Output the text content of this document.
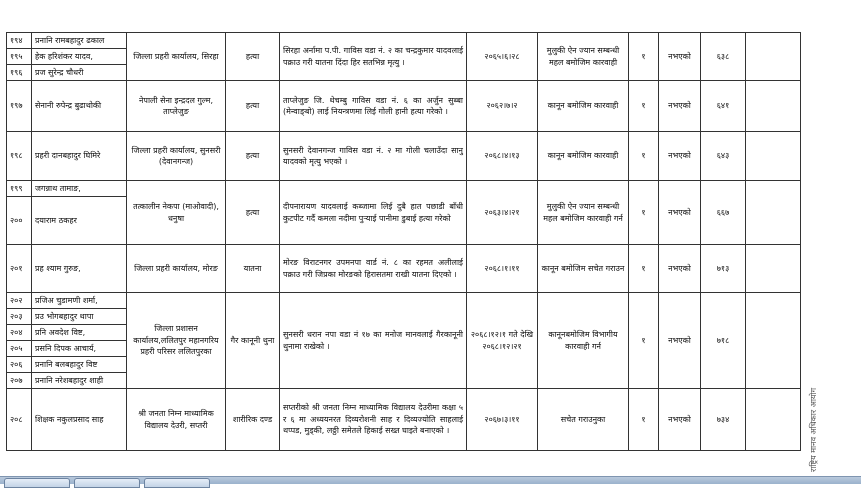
१९४	प्रनानि रामबहादुर ढकाल	जिल्ला प्रहरी कार्यालय, सिरहा	हत्या	सिरहा अर्नामा प.पी. गाविस वडा नं. २ का चन्द्रकुमार यादवलाई पक्राउ गरी यातना दिंदा हिर सतभिन्न मृत्यु ।	२०६५।६।२८	मुलुकी ऐन ज्यान सम्बन्धी महल बमोजिम कारवाही	१	नभएको	६३८	
१९५	हेक हरिशंकर यादव,									
१९६	प्रज सुरेन्द्र चौधरी									
१९७	सेनानी रुपेन्द्र बुढाथोकी	नेपाली सेना इन्द्रदल गुल्म, ताप्लेजुङ	हत्या	ताप्लेजुङ जि. थेचम्बु गाविस वडा नं. ६ का अर्जुन सुब्बा (मेन्वाङ्बो) लाई नियन्त्रणमा लिई गोली हानी हत्या गरेको ।	२०६२।७।२	कानून बमोजिम कारवाही	१	नभएको	६४१	
१९८	प्रहरी दानबहादुर घिमिरे	जिल्ला प्रहरी कार्यालय, सुनसरी (देवानगन्ज)	हत्या	सुनसरी देवानगन्ज गाविस वडा नं. २ मा गोली चलाउँदा सानु यादवको मृत्यु भएको ।	२०६८।४।१३	कानून बमोजिम कारवाही	१	नभएको	६४३	
१९९	जगन्नाथ तामाङ,	तत्कालीन नेकपा (माओवादी), धनुषा	हत्या	दीपनारायण यादवलाई कब्जामा लिई दुबै हात पछाडी बाँधी कुटपीट गर्दै कमला नदीमा पुऱ्याई पानीमा डुबाई हत्या गरेको	२०६३।४।२१	मुलुकी ऐन ज्यान सम्बन्धी महल बमोजिम कारवाही गर्न	१	नभएको	६६७	
२००	दयाराम ठकहर									
२०१	प्रह श्याम गुरुङ,	जिल्ला प्रहरी कार्यालय, मोरङ	यातना	मोरङ विराटनगर उपमनपा वार्ड नं. ८ का रहमत अलीलाई पक्राउ गरी जिप्रका मोरङको हिरासतमा राखी यातना दिएको ।	२०६८।१।११	कानून बमोजिम सचेत गराउन	१	नभएको	७१३	
२०२	प्रजिअ चुडामणी शर्मा,	जिल्ला प्रशासन कार्यालय,ललितपुर महानगरिय प्रहरी परिसर ललितपुरका	गैर कानूनी थुना	सुनसरी धरान नपा वडा नं १७ का मनोज मानवलाई गैरकानूनी थुनामा राखेको ।	२०६८।१२।१ गते देखि २०६८।१२।२१	कानूनबमोजिम विभागीय कारवाही गर्न	१	नभएको	७१८	
२०३	प्रउ भोगबहादुर थापा									
२०४	प्रनि अवदेश विष्ट,									
२०५	प्रसनि दिपक आचार्य,									
२०६	प्रनानि बलबहादुर विष्ट									
२०७	प्रनानि नरेशबहादुर शाही									
२०८	शिक्षक नकुलप्रसाद साह	श्री जनता निम्न माध्यामिक विद्यालय देउरी, सप्तरी	शारीरिक दण्ड	सप्तरीको श्री जनता निम्न माध्यामिक विद्यालय देउरीमा कक्षा ५ र ६ मा अध्ययनरत दिव्यरोशनी साह र दिव्यज्योति साहलाई थप्पड, मुड्की, लठ्ठी समेतले हिकाई सख्त घाइते बनाएको ।	२०६७।३।११	सचेत गराउनुका	१	नभएको	७३४		राष्ट्रिय मानव अधिकार आयोग
